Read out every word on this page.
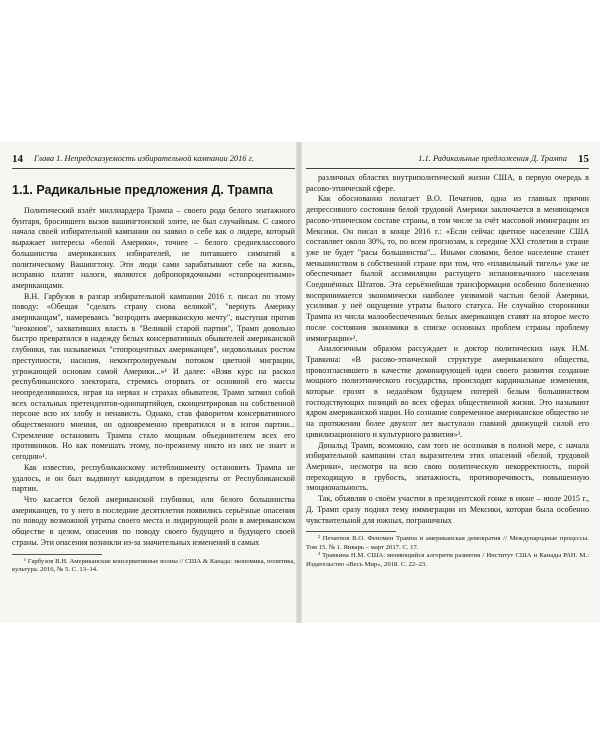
14 Глава 1. Непредсказуемость избирательной кампании 2016 г.
1.1. Радикальные предложения Д. Трампа

Политический взлёт миллиардера Трампа – своего рода белого эпатажного бунтаря, бросившего вызов вашингтонской элите, не был случайным. С самого начала своей избирательной кампании он заявил о себе как о лидере, который выражает интересы «белой Америки», точнее – белого среднеклассового большинства американских избирателей, не питавшего симпатий к политическому Вашингтону. Эти люди сами зарабатывают себе на жизнь, исправно платят налоги, являются добропорядочными «стопроцентными» американцами.

В.Н. Гарбузов в разгар избирательной кампании 2016 г. писал по этому поводу: «Обещая "сделать страну снова великой", "вернуть Америку американцам", намереваясь "возродить американскую мечту", выступая против "неоконов", захвативших власть в "Великой старой партии", Трамп довольно быстро превратился в надежду белых консервативных обывателей американской глубинки, так называемых "стопроцентных американцев", недовольных ростом преступности, насилия, неконтролируемым потоком цветной миграции, угрожающей основам самой Америки...»¹ И далее: «Взяв курс на раскол республиканского электората, стремясь оторвать от основной его массы неопределившихся, играя на нервах и страхах обывателя, Трамп затмил собой всех остальных претендентов-однопартийцев, сконцентрировав на собственной персоне всю их злобу и ненависть. Однако, став фаворитом консервативного общественного мнения, он одновременно превратился и в изгоя партии... Стремление остановить Трампа стало мощным объединителем всех его противников. Но как помешать этому, по-прежнему никто из них не знает и сегодня»¹.

Как известно, республиканскому истеблишменту остановить Трампа не удалось, и он был выдвинут кандидатом в президенты от Республиканской партии.

Что касается белой американской глубинки, или белого большинства американцев, то у него в последние десятилетия появились серьёзные опасения по поводу возможной утраты своего места и лидирующей роли в американском обществе в целом, опасения по поводу своего будущего и будущего своей страны. Эти опасения возникли из-за значительных изменений в самых

¹ Гарбузов В.Н. Американские консервативные волны // США & Канада: экономика, политика, культура. 2016, № 5. С. 13–14.

1.1. Радикальные предложения Д. Трампа 15

различных областях внутриполитической жизни США, в первую очередь в расово-этнической сфере.

Как обоснованно полагает В.О. Печатнов, одна из главных причин депрессивного состояния белой трудовой Америки заключается в меняющемся расово-этническом составе страны, в том числе за счёт массовой иммиграции из Мексики. Он писал в конце 2016 г.: «Если сейчас цветное население США составляет около 30%, то, по всем прогнозам, к середине XXI столетия в стране уже не будет "расы большинства"... Иными словами, белое население станет меньшинством в собственной стране при том, что «плавильный тигель» уже не обеспечивает былой ассимиляции растущего испаноязычного населения Соединённых Штатов. Эта серьёзнейшая трансформация особенно болезненно воспринимается экономически наиболее уязвимой частью белой Америки, усиливая у неё ощущение утраты былого статуса. Не случайно сторонники Трампа из числа малообеспеченных белых американцев ставят на второе место после состояния экономики в списке основных проблем страны проблему иммиграции»².

Аналогичным образом рассуждает и доктор политических наук Н.М. Травкина: «В расово-этнической структуре американского общества, провозгласившего в качестве доминирующей идеи своего развития создание мощного полиэтнического государства, происходят кардинальные изменения, которые грозят в недалёком будущем потерей белым большинством господствующих позиций во всех сферах общественной жизни. Это называют ядром американской нации. Но сознание современное американское общество не на протяжении более двухсот лет выступало главной движущей силой его цивилизационного и культурного развития»³.

Дональд Трамп, возможно, сам того не осознавая в полной мере, с начала избирательной кампании стал выразителем этих опасений «белой, трудовой Америки», несмотря на всю свою политическую некорректность, порой переходящую в грубость, эпатажность, противоречивость, повышенную эмоциональность.

Так, объявляя о своём участии в президентской гонке в июне – июле 2015 г., Д. Трамп сразу поднял тему иммиграции из Мексики, которая была особенно чувствительной для южных, пограничных

² Печатнов В.О. Феномен Трампа и американская демократия // Международные процессы. Том 15. № 1. Январь – март 2017. С. 17.

³ Травкина Н.М. США: меняющийся алгоритм развития / Институт США и Канады РАН. М.: Издательство «Весь Мир», 2018. С. 22–23.
